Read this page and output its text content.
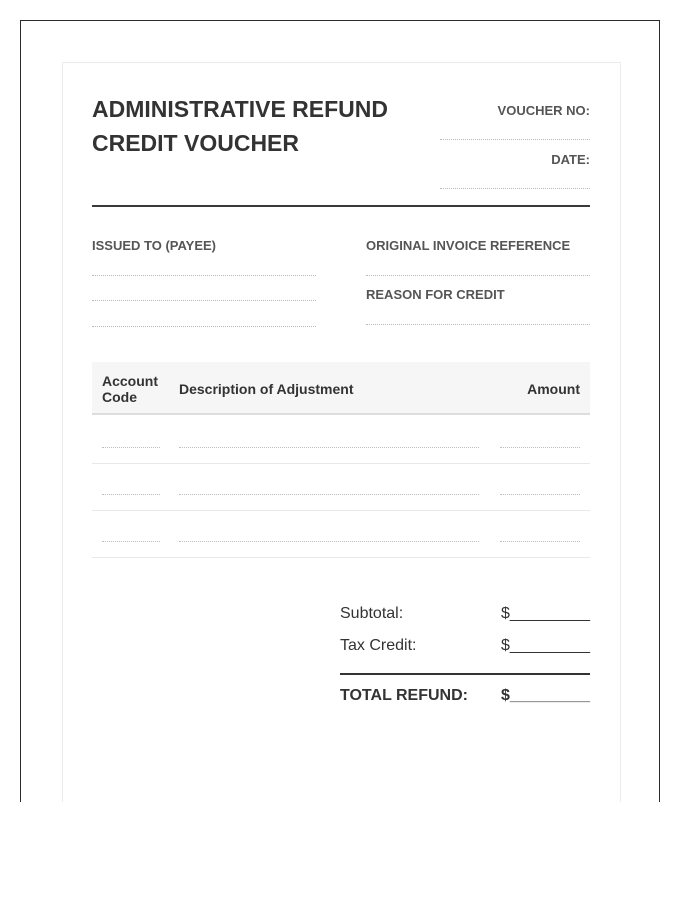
ADMINISTRATIVE REFUND
CREDIT VOUCHER
VOUCHER NO:
DATE:
ISSUED TO (PAYEE)	ORIGINAL INVOICE REFERENCE
REASON FOR CREDIT
Account Code	Description of Adjustment	Amount
Subtotal:	$_________
Tax Credit:	$_________
TOTAL REFUND: $_________
